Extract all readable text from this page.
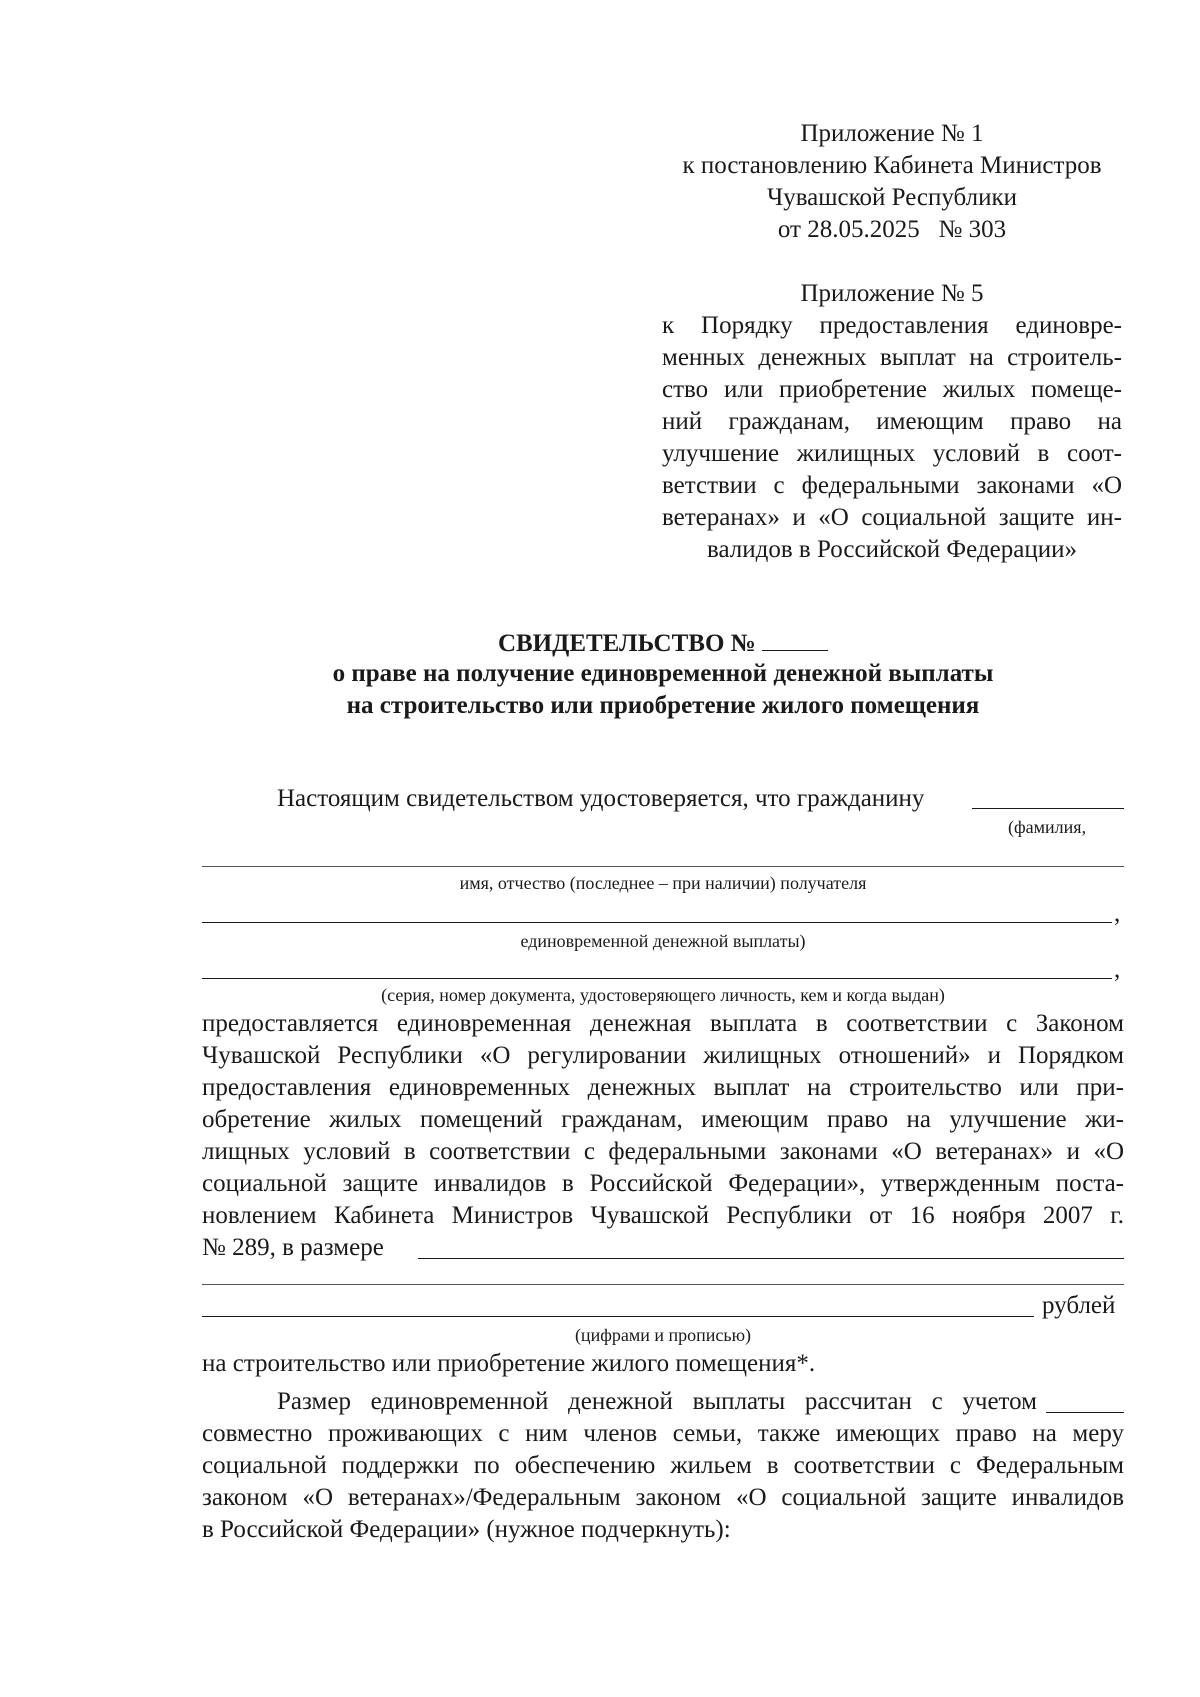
Приложение № 1
к постановлению Кабинета Министров
Чувашской Республики
от 28.05.2025   № 303
Приложение № 5
к Порядку предоставления единовре-
менных денежных выплат на строитель-
ство или приобретение жилых помеще-
ний гражданам, имеющим право на
улучшение жилищных условий в соот-
ветствии с федеральными законами «О
ветеранах» и «О социальной защите ин-
валидов в Российской Федерации»
СВИДЕТЕЛЬСТВО №
о праве на получение единовременной денежной выплаты
на строительство или приобретение жилого помещения
Настоящим свидетельством удостоверяется, что гражданину
(фамилия,
имя, отчество (последнее – при наличии) получателя
,
единовременной денежной выплаты)
,
(серия, номер документа, удостоверяющего личность, кем и когда выдан)
предоставляется единовременная денежная выплата в соответствии с Законом
Чувашской Республики «О регулировании жилищных отношений» и Порядком
предоставления единовременных денежных выплат на строительство или при-
обретение жилых помещений гражданам, имеющим право на улучшение жи-
лищных условий в соответствии с федеральными законами «О ветеранах» и «О
социальной защите инвалидов в Российской Федерации», утвержденным поста-
новлением Кабинета Министров Чувашской Республики от 16 ноября 2007 г.
№ 289, в размере
рублей
(цифрами и прописью)
на строительство или приобретение жилого помещения*.
Размер единовременной денежной выплаты рассчитан с учетом
совместно проживающих с ним членов семьи, также имеющих право на меру
социальной поддержки по обеспечению жильем в соответствии с Федеральным
законом «О ветеранах»/Федеральным законом «О социальной защите инвалидов
в Российской Федерации» (нужное подчеркнуть):
